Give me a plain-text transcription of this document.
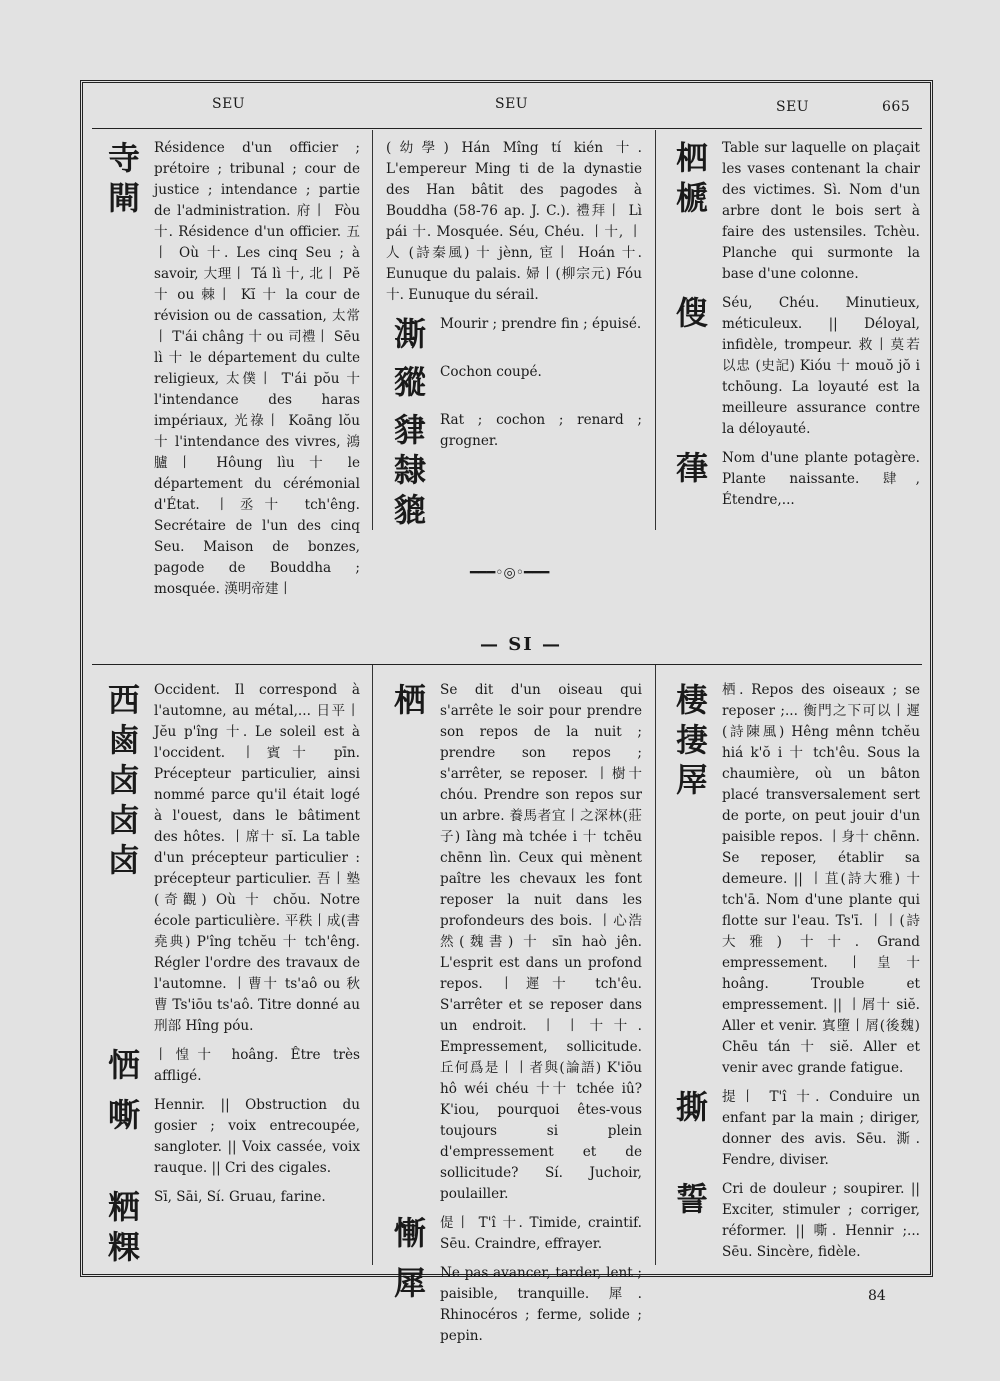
SEU	SEU	SEU	665
━━━◦◎◦━━━
— SI —
寺
閘
Résidence d'un officier ; prétoire ; tribunal ; cour de justice ; intendance ; partie de l'administration. 府丨 Fòu 十. Résidence d'un officier. 五丨 Où 十. Les cinq Seu ; à savoir, 大理丨 Tá lì 十, 北丨 Pĕ 十 ou 棘丨 Kĭ 十 la cour de révision ou de cassation, 太常丨 T'ái châng 十 ou 司禮丨 Sēu lì 十 le département du culte religieux, 太僕丨 T'ái pŏu 十 l'intendance des haras impériaux, 光祿丨 Koāng lŏu 十 l'intendance des vivres, 鴻臚丨 Hôung lìu 十 le département du cérémonial d'État. 丨丞十 tch'êng. Secrétaire de l'un des cinq Seu. Maison de bonzes, pagode de Bouddha ; mosquée. 漢明帝建丨
(幼學) Hán Mîng tí kién 十. L'empereur Ming ti de la dynastie des Han bâtit des pagodes à Bouddha (58-76 ap. J. C.). 禮拜丨 Lì pái 十. Mosquée. Séu, Chéu. 丨十, 丨人 (詩秦風) 十 jènn, 宦丨 Hoán 十. Eunuque du palais. 婦丨(柳宗元) Fóu 十. Eunuque du sérail.
澌	Mourir ; prendre fin ; épuisé.
豵	Cochon coupé.
貄 隸 貔
Rat ; cochon ; renard ; grogner.
柶
榹
Table sur laquelle on plaçait les vases contenant la chair des victimes. Sì. Nom d'un arbre dont le bois sert à faire des ustensiles. Tchèu. Planche qui surmonte la base d'une colonne.
傁	Séu, Chéu. Minutieux, méticuleux. || Déloyal, infidèle, trompeur. 救丨莫若以忠 (史記) Kióu 十 mouŏ jŏ i tchōung. La loyauté est la meilleure assurance contre la déloyauté.
葎	Nom d'une plante potagère. Plante naissante. 肆, Étendre,...
西
鹵
卤
卤
卤
Occident. Il correspond à l'automne, au métal,... 日平丨 Jĕu p'îng 十. Le soleil est à l'occident. 丨賓十 pīn. Précepteur particulier, ainsi nommé parce qu'il était logé à l'ouest, dans le bâtiment des hôtes. 丨席十 sĭ. La table d'un précepteur particulier : précepteur particulier. 吾丨塾(奇觀) Où 十 chŏu. Notre école particulière. 平秩丨成(書堯典) P'îng tchĕu 十 tch'êng. Régler l'ordre des travaux de l'automne. 丨曹十 ts'aô ou 秋曹 Ts'iōu ts'aô. Titre donné au 刑部 Hîng póu.
恓	丨惶十 hoâng. Être très affligé.
嘶	Hennir. || Obstruction du gosier ; voix entrecoupée, sangloter. || Voix cassée, voix rauque. || Cri des cigales.
粞 粿
Sī, Sāi, Sí. Gruau, farine.
栖	Se dit d'un oiseau qui s'arrête le soir pour prendre son repos de la nuit ; prendre son repos ; s'arrêter, se reposer. 丨樹十 chóu. Prendre son repos sur un arbre. 養馬者宜丨之深林(莊子) Iàng mà tchée i 十 tchēu chēnn lìn. Ceux qui mènent paître les chevaux les font reposer la nuit dans les profondeurs des bois. 丨心浩然(魏書) 十 sīn haò jên. L'esprit est dans un profond repos. 丨遲十 tch'êu. S'arrêter et se reposer dans un endroit. 丨丨十十. Empressement, sollicitude. 丘何爲是丨丨者與(論語) K'iōu hô wéi chéu 十十 tchée iû? K'iou, pourquoi êtes-vous toujours si plein d'empressement et de sollicitude? Sí. Juchoir, poulailler.
慚	偍丨 T'î 十. Timide, craintif. Sēu. Craindre, effrayer.
犀	Ne pas avancer, tarder, lent ; paisible, tranquille. 犀. Rhinocéros ; ferme, solide ; pepin.
棲
捿
屖
栖. Repos des oiseaux ; se reposer ;... 衡門之下可以丨遲(詩陳風) Hêng mênn tchĕu hiá k'ŏ i 十 tch'êu. Sous la chaumière, où un bâton placé transversalement sert de porte, on peut jouir d'un paisible repos. 丨身十 chēnn. Se reposer, établir sa demeure. || 丨苴(詩大雅) 十 tch'ā. Nom d'une plante qui flotte sur l'eau. Ts'ī. 丨丨(詩大雅) 十十. Grand empressement. 丨皇十 hoâng. Trouble et empressement. || 丨屑十 siĕ. Aller et venir. 寘墮丨屑(後魏) Chēu tán 十 siĕ. Aller et venir avec grande fatigue.
撕	提丨 T'î 十. Conduire un enfant par la main ; diriger, donner des avis. Sēu. 澌. Fendre, diviser.
誓	Cri de douleur ; soupirer. || Exciter, stimuler ; corriger, réformer. || 嘶. Hennir ;... Sēu. Sincère, fidèle.
84
